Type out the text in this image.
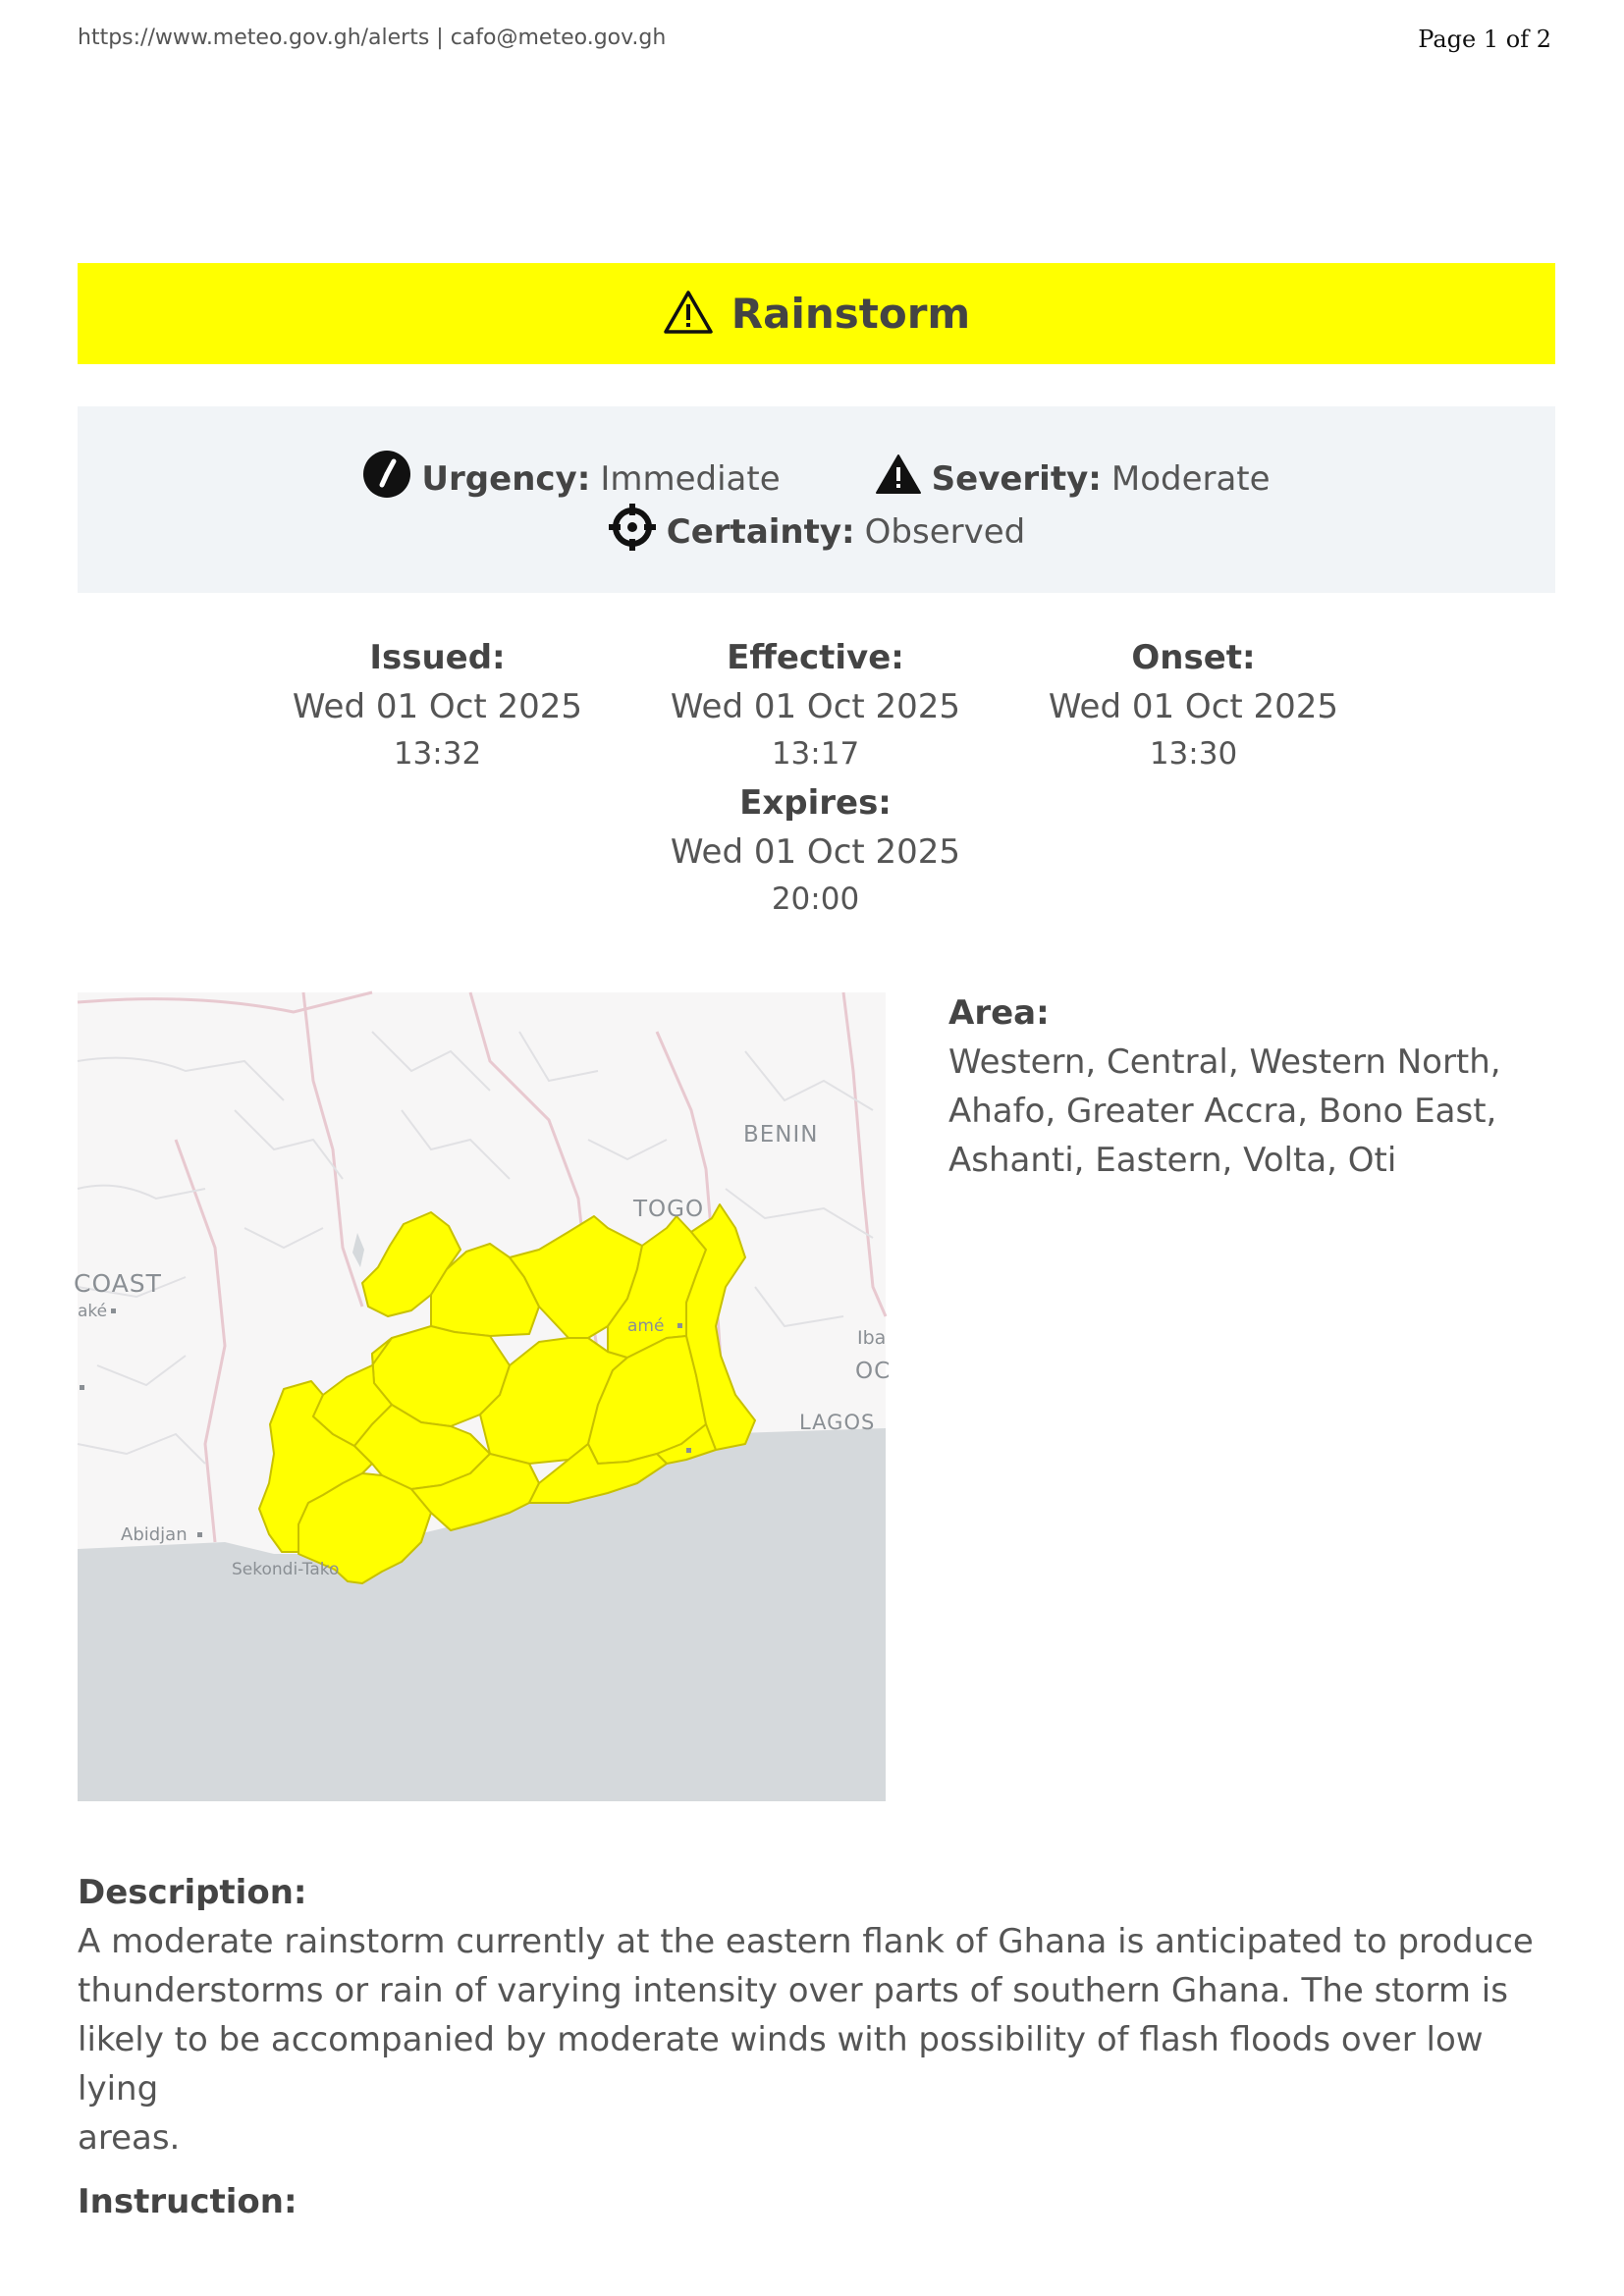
https://www.meteo.gov.gh/alerts | cafo@meteo.gov.gh	Page 1 of 2
Rainstorm
Urgency: Immediate	Severity: Moderate
Certainty: Observed
Issued:
Wed 01 Oct 2025
13:32
Effective:
Wed 01 Oct 2025
13:17
Onset:
Wed 01 Oct 2025
13:30
Expires:
Wed 01 Oct 2025
20:00
BENIN
TOGO
COAST
aké
amé
Iba
OC
LAGOS
Abidjan
Sekondi-Tako
Area:
Western, Central, Western North,
Ahafo, Greater Accra, Bono East,
Ashanti, Eastern, Volta, Oti
Description:
A moderate rainstorm currently at the eastern flank of Ghana is anticipated to produce
thunderstorms or rain of varying intensity over parts of southern Ghana. The storm is
likely to be accompanied by moderate winds with possibility of flash floods over low lying
areas.
Instruction:
